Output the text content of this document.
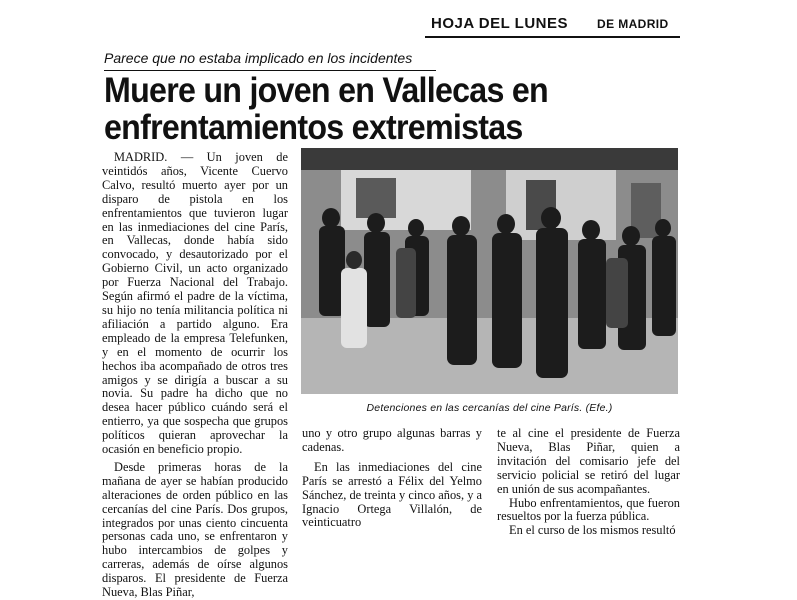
HOJA DEL LUNES DE MADRID
Parece que no estaba implicado en los incidentes
Muere un joven en Vallecas en enfrentamientos extremistas

MADRID. — Un joven de veintidós años, Vicente Cuervo Calvo, resultó muerto ayer por un disparo de pistola en los enfrentamientos que tuvieron lugar en las inmediaciones del cine París, en Vallecas, donde había sido convocado, y desautorizado por el Gobierno Civil, un acto organizado por Fuerza Nacional del Trabajo. Según afirmó el padre de la víctima, su hijo no tenía militancia política ni afiliación a partido alguno. Era empleado de la empresa Telefunken, y en el momento de ocurrir los hechos iba acompañado de otros tres amigos y se dirigía a buscar a su novia. Su padre ha dicho que no desea hacer público cuándo será el entierro, ya que sospecha que grupos políticos quieran aprovechar la ocasión en beneficio propio.

Desde primeras horas de la mañana de ayer se habían producido alteraciones de orden público en las cercanías del cine París. Dos grupos, integrados por unas ciento cincuenta personas cada uno, se enfrentaron y hubo intercambios de golpes y carreras, además de oírse algunos disparos. El presidente de Fuerza Nueva, Blas Piñar,

Detenciones en las cercanías del cine París. (Efe.)

uno y otro grupo algunas barras y cadenas.

En las inmediaciones del cine París se arrestó a Félix del Yelmo Sánchez, de treinta y cinco años, y a Ignacio Ortega Villalón, de veinticuatro

te al cine el presidente de Fuerza Nueva, Blas Piñar, quien a invitación del comisario jefe del servicio policial se retiró del lugar en unión de sus acompañantes.

Hubo enfrentamientos, que fueron resueltos por la fuerza pública.

En el curso de los mismos resultó
